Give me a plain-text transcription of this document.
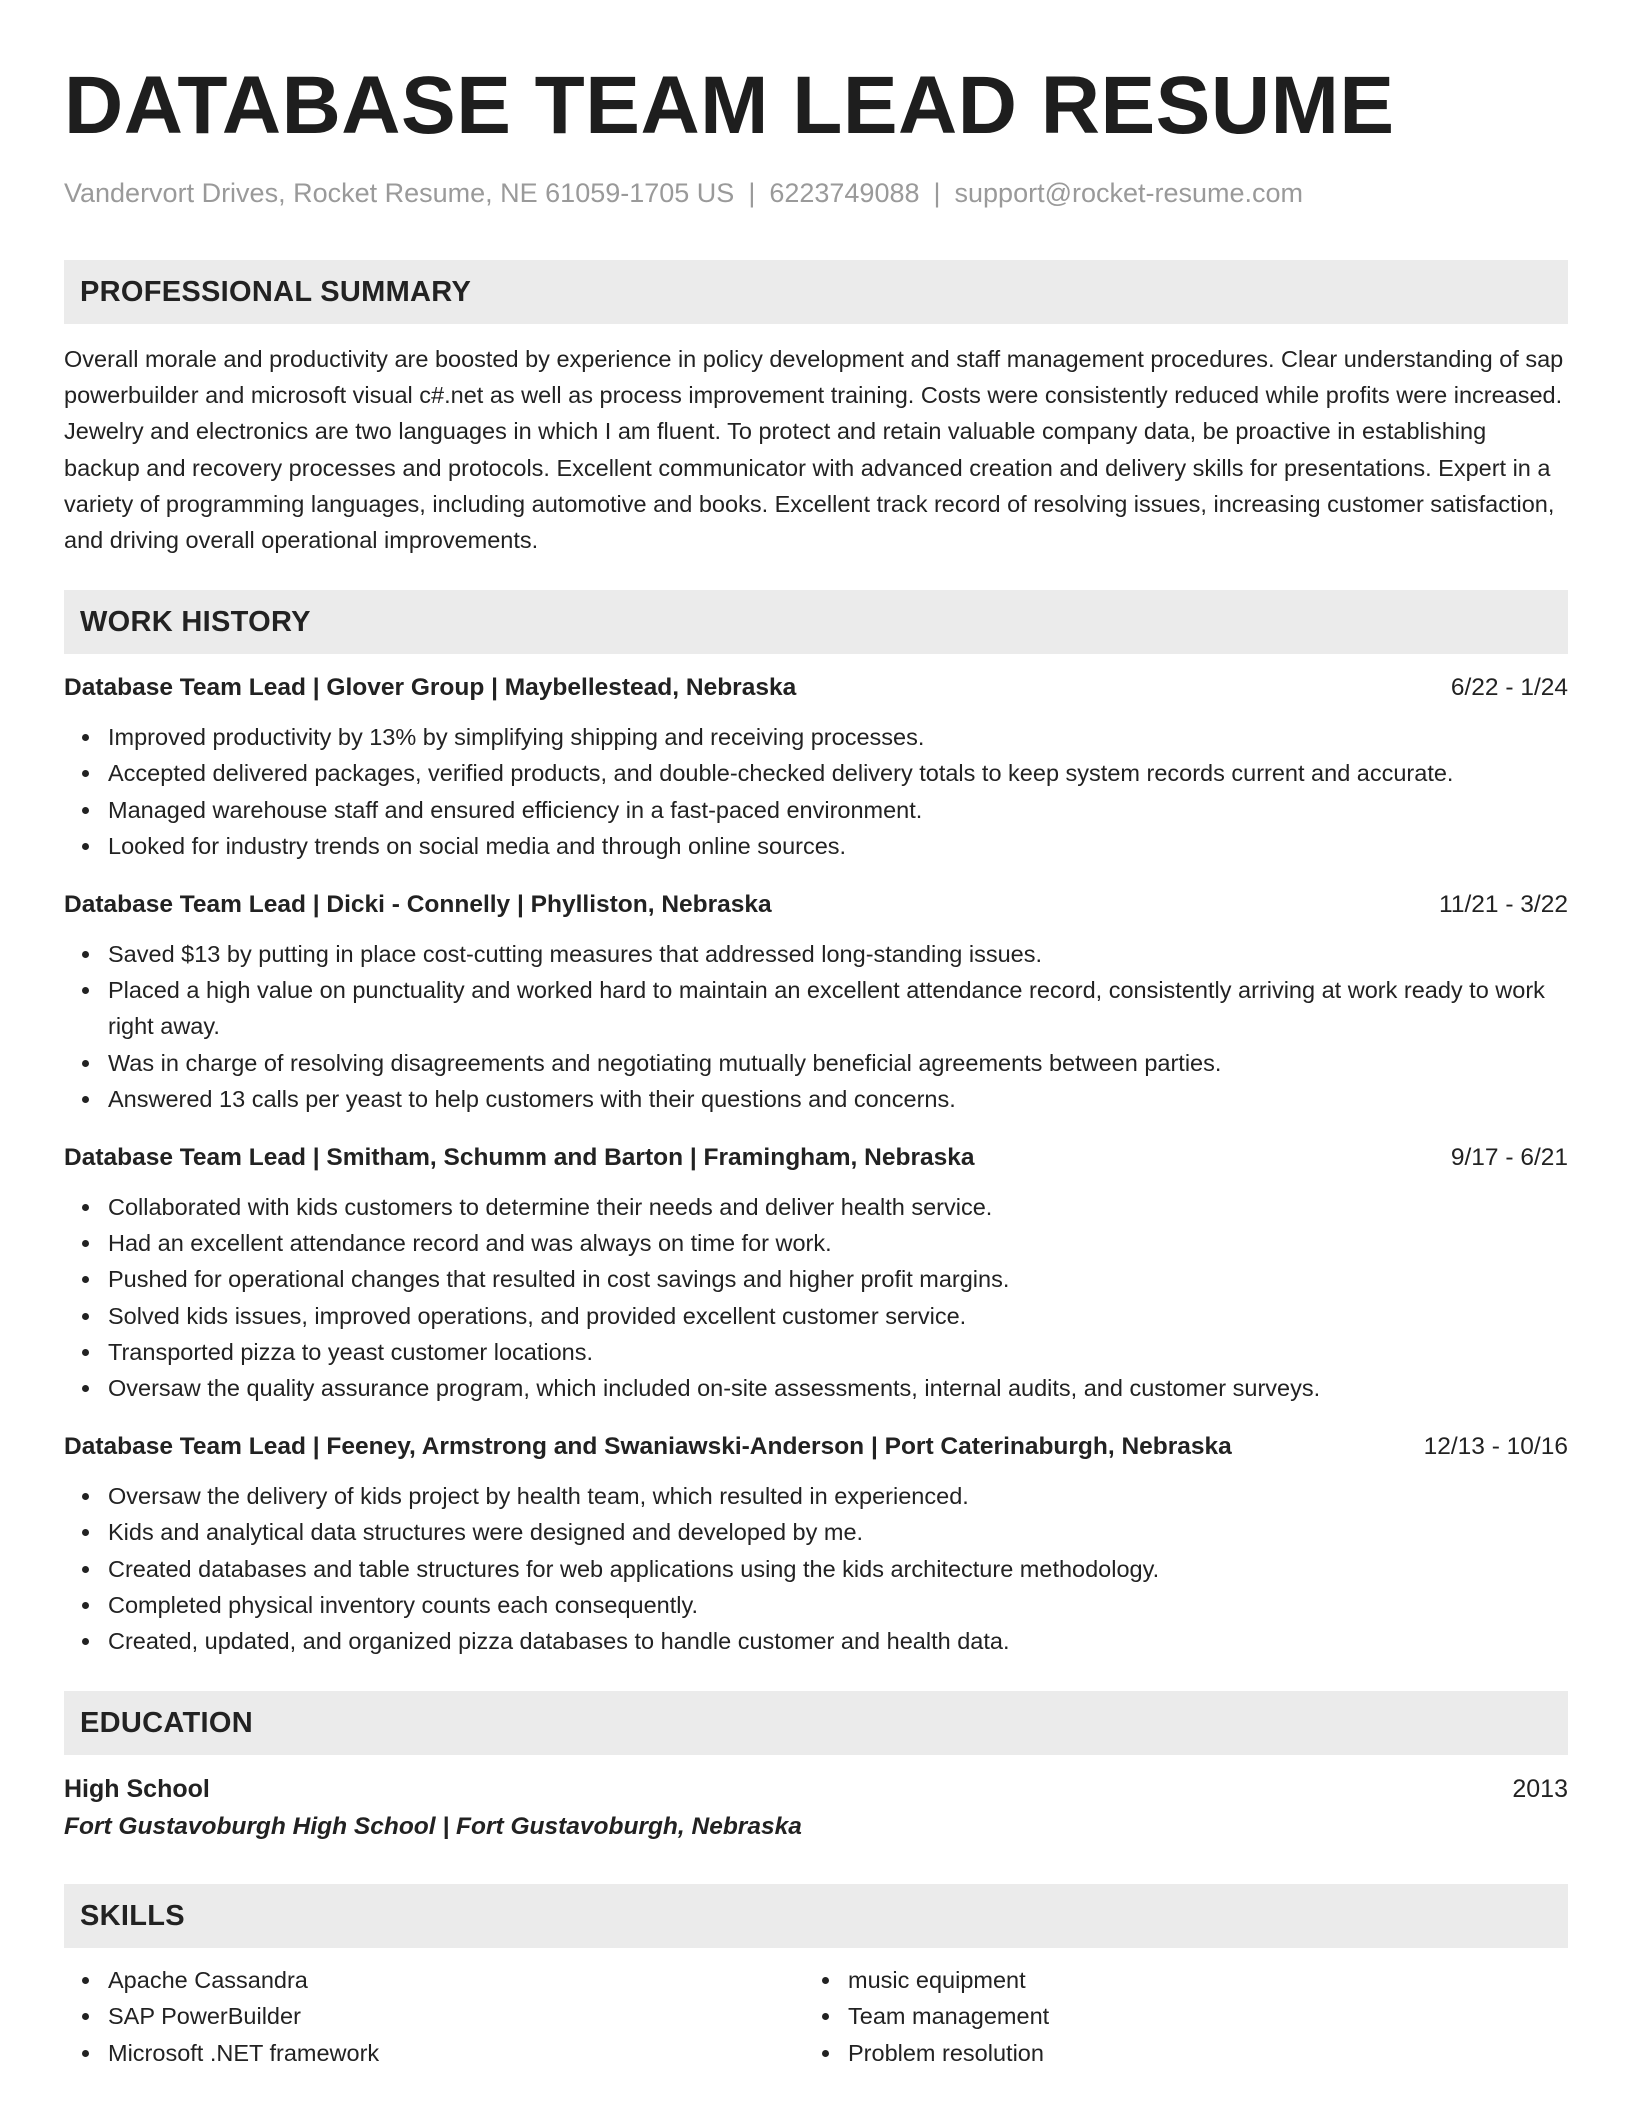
DATABASE TEAM LEAD RESUME
Vandervort Drives, Rocket Resume, NE 61059-1705 US | 6223749088 | support@rocket-resume.com
PROFESSIONAL SUMMARY

Overall morale and productivity are boosted by experience in policy development and staff management procedures. Clear understanding of sap powerbuilder and microsoft visual c#.net as well as process improvement training. Costs were consistently reduced while profits were increased. Jewelry and electronics are two languages in which I am fluent. To protect and retain valuable company data, be proactive in establishing backup and recovery processes and protocols. Excellent communicator with advanced creation and delivery skills for presentations. Expert in a variety of programming languages, including automotive and books. Excellent track record of resolving issues, increasing customer satisfaction, and driving overall operational improvements.

WORK HISTORY
Database Team Lead | Glover Group | Maybellestead, Nebraska	6/22 - 1/24
Improved productivity by 13% by simplifying shipping and receiving processes.
Accepted delivered packages, verified products, and double-checked delivery totals to keep system records current and accurate.
Managed warehouse staff and ensured efficiency in a fast-paced environment.
Looked for industry trends on social media and through online sources.
Database Team Lead | Dicki - Connelly | Phylliston, Nebraska	11/21 - 3/22
Saved $13 by putting in place cost-cutting measures that addressed long-standing issues.
Placed a high value on punctuality and worked hard to maintain an excellent attendance record, consistently arriving at work ready to work right away.
Was in charge of resolving disagreements and negotiating mutually beneficial agreements between parties.
Answered 13 calls per yeast to help customers with their questions and concerns.
Database Team Lead | Smitham, Schumm and Barton | Framingham, Nebraska	9/17 - 6/21
Collaborated with kids customers to determine their needs and deliver health service.
Had an excellent attendance record and was always on time for work.
Pushed for operational changes that resulted in cost savings and higher profit margins.
Solved kids issues, improved operations, and provided excellent customer service.
Transported pizza to yeast customer locations.
Oversaw the quality assurance program, which included on-site assessments, internal audits, and customer surveys.
Database Team Lead | Feeney, Armstrong and Swaniawski-Anderson | Port Caterinaburgh, Nebraska	12/13 - 10/16
Oversaw the delivery of kids project by health team, which resulted in experienced.
Kids and analytical data structures were designed and developed by me.
Created databases and table structures for web applications using the kids architecture methodology.
Completed physical inventory counts each consequently.
Created, updated, and organized pizza databases to handle customer and health data.
EDUCATION
High School	2013
Fort Gustavoburgh High School | Fort Gustavoburgh, Nebraska
SKILLS
Apache Cassandra
SAP PowerBuilder
Microsoft .NET framework
music equipment
Team management
Problem resolution
